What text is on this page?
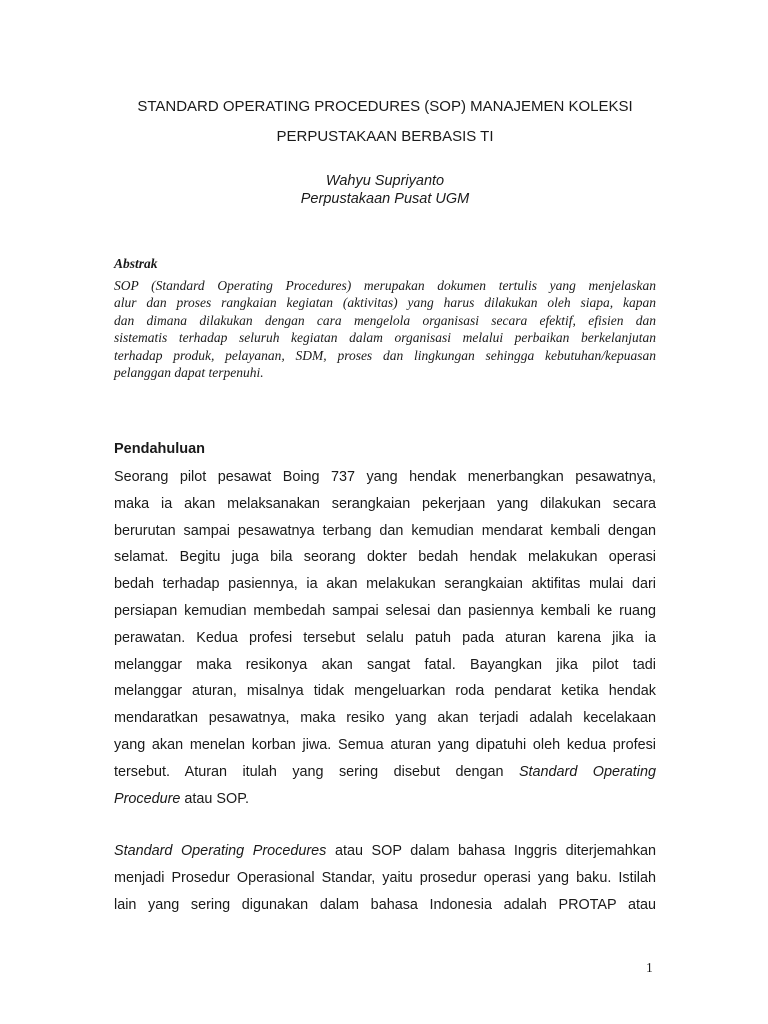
STANDARD OPERATING PROCEDURES (SOP) MANAJEMEN KOLEKSI
PERPUSTAKAAN BERBASIS TI
Wahyu Supriyanto
Perpustakaan Pusat UGM
Abstrak
SOP (Standard Operating Procedures) merupakan dokumen tertulis yang menjelaskan
alur dan proses rangkaian kegiatan (aktivitas) yang harus dilakukan oleh siapa, kapan
dan dimana dilakukan dengan cara mengelola organisasi secara efektif, efisien dan
sistematis terhadap seluruh kegiatan dalam organisasi melalui perbaikan berkelanjutan
terhadap produk, pelayanan, SDM, proses dan lingkungan sehingga kebutuhan/kepuasan
pelanggan dapat terpenuhi.
Pendahuluan
Seorang pilot pesawat Boing 737 yang hendak menerbangkan pesawatnya,
maka ia akan melaksanakan serangkaian pekerjaan yang dilakukan secara
berurutan sampai pesawatnya terbang dan kemudian mendarat kembali dengan
selamat. Begitu juga bila seorang dokter bedah hendak melakukan operasi
bedah terhadap pasiennya, ia akan melakukan serangkaian aktifitas mulai dari
persiapan kemudian membedah sampai selesai dan pasiennya kembali ke ruang
perawatan. Kedua profesi tersebut selalu patuh pada aturan karena jika ia
melanggar maka resikonya akan sangat fatal. Bayangkan jika pilot tadi
melanggar aturan, misalnya tidak mengeluarkan roda pendarat ketika hendak
mendaratkan pesawatnya, maka resiko yang akan terjadi adalah kecelakaan
yang akan menelan korban jiwa. Semua aturan yang dipatuhi oleh kedua profesi
tersebut. Aturan itulah yang sering disebut dengan Standard Operating
Procedure atau SOP.
Standard Operating Procedures atau SOP dalam bahasa Inggris diterjemahkan
menjadi Prosedur Operasional Standar, yaitu prosedur operasi yang baku. Istilah
lain yang sering digunakan dalam bahasa Indonesia adalah PROTAP atau
1
